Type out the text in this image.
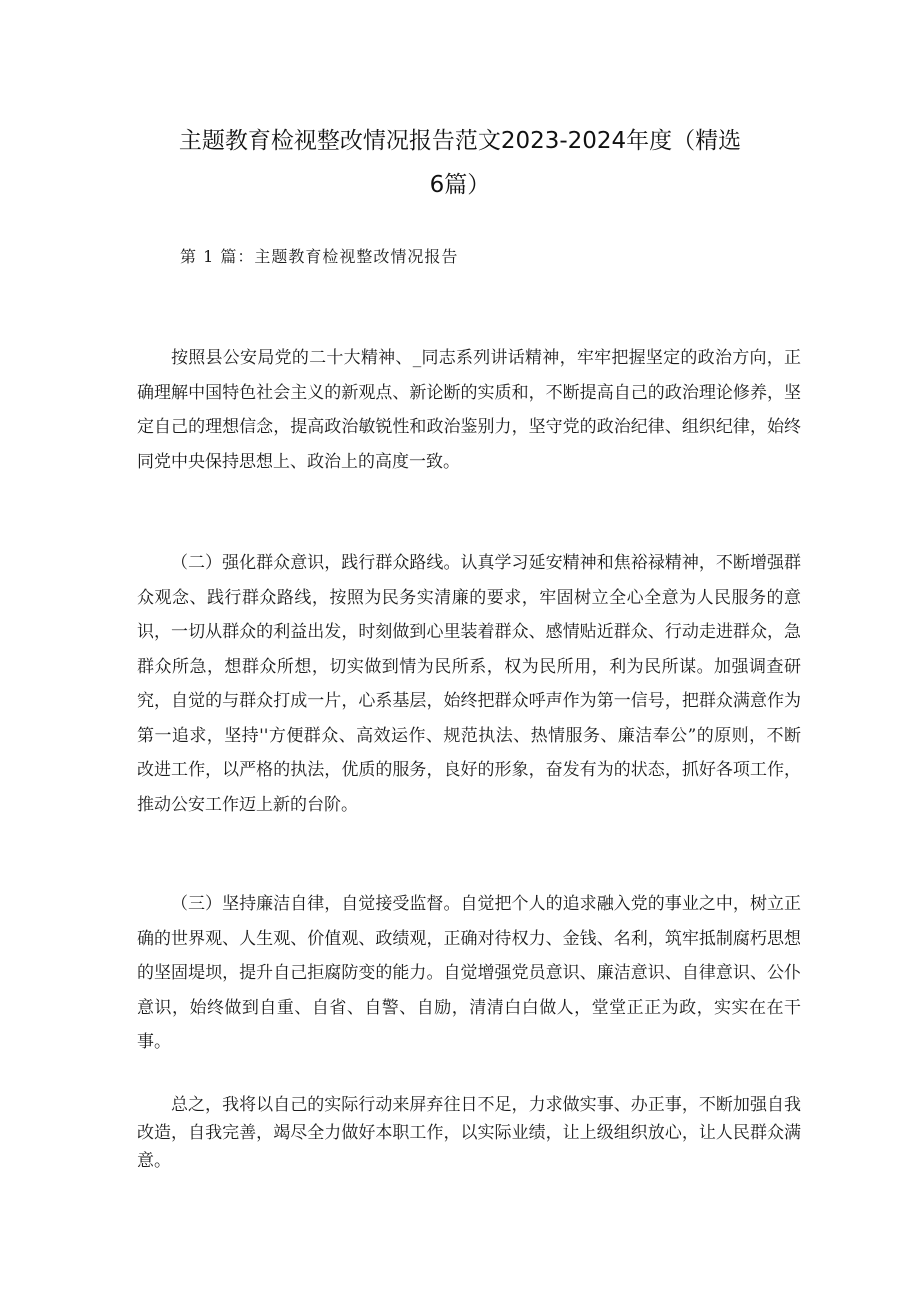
主题教育检视整改情况报告范文2023-2024年度（精选
6篇）
第 1 篇：主题教育检视整改情况报告

按照县公安局党的二十大精神、_同志系列讲话精神，牢牢把握坚定的政治方向，正确理解中国特色社会主义的新观点、新论断的实质和，不断提高自己的政治理论修养，坚定自己的理想信念，提高政治敏锐性和政治鉴别力，坚守党的政治纪律、组织纪律，始终同党中央保持思想上、政治上的高度一致。

（二）强化群众意识，践行群众路线。认真学习延安精神和焦裕禄精神，不断增强群众观念、践行群众路线，按照为民务实清廉的要求，牢固树立全心全意为人民服务的意识，一切从群众的利益出发，时刻做到心里装着群众、感情贴近群众、行动走进群众，急群众所急，想群众所想，切实做到情为民所系，权为民所用，利为民所谋。加强调查研究，自觉的与群众打成一片，心系基层，始终把群众呼声作为第一信号，把群众满意作为第一追求，坚持''方便群众、高效运作、规范执法、热情服务、廉洁奉公”的原则，不断改进工作，以严格的执法，优质的服务，良好的形象，奋发有为的状态，抓好各项工作，推动公安工作迈上新的台阶。

（三）坚持廉洁自律，自觉接受监督。自觉把个人的追求融入党的事业之中，树立正确的世界观、人生观、价值观、政绩观，正确对待权力、金钱、名利，筑牢抵制腐朽思想的坚固堤坝，提升自己拒腐防变的能力。自觉增强党员意识、廉洁意识、自律意识、公仆意识，始终做到自重、自省、自警、自励，清清白白做人，堂堂正正为政，实实在在干事。

总之，我将以自己的实际行动来屏弃往日不足，力求做实事、办正事，不断加强自我改造，自我完善，竭尽全力做好本职工作，以实际业绩，让上级组织放心，让人民群众满意。
